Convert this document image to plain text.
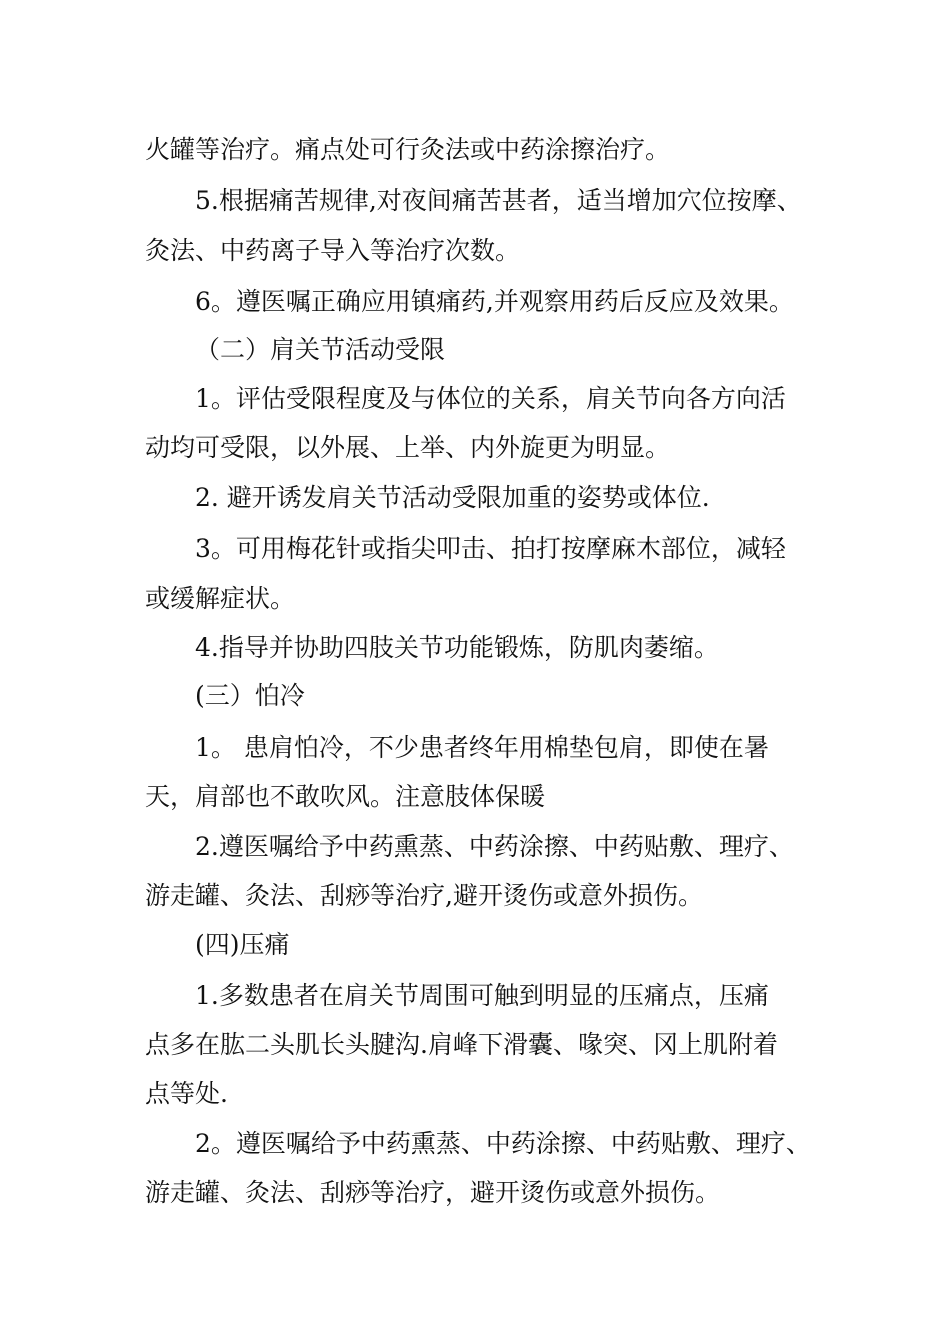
火罐等治疗。痛点处可行灸法或中药涂擦治疗。
5.根据痛苦规律,对夜间痛苦甚者，适当增加穴位按摩、
灸法、中药离子导入等治疗次数。
6。遵医嘱正确应用镇痛药,并观察用药后反应及效果。
（二）肩关节活动受限
1。评估受限程度及与体位的关系，肩关节向各方向活
动均可受限，以外展、上举、内外旋更为明显。
2. 避开诱发肩关节活动受限加重的姿势或体位.
3。可用梅花针或指尖叩击、拍打按摩麻木部位，减轻
或缓解症状。
4.指导并协助四肢关节功能锻炼，防肌肉萎缩。
(三）怕冷
1。 患肩怕冷，不少患者终年用棉垫包肩，即使在暑
天，肩部也不敢吹风。注意肢体保暖
2.遵医嘱给予中药熏蒸、中药涂擦、中药贴敷、理疗、
游走罐、灸法、刮痧等治疗,避开烫伤或意外损伤。
(四)压痛
1.多数患者在肩关节周围可触到明显的压痛点，压痛
点多在肱二头肌长头腱沟.肩峰下滑囊、喙突、冈上肌附着
点等处.
2。遵医嘱给予中药熏蒸、中药涂擦、中药贴敷、理疗、
游走罐、灸法、刮痧等治疗，避开烫伤或意外损伤。
